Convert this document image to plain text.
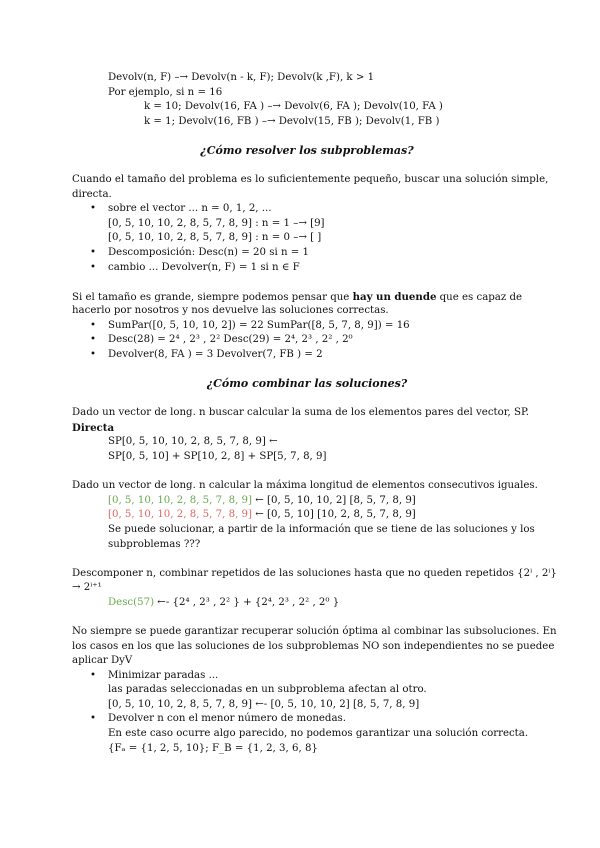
Devolv(n, F) –→ Devolv(n - k, F); Devolv(k ,F), k > 1
Por ejemplo, si n = 16
k = 10; Devolv(16, FA ) –→ Devolv(6, FA ); Devolv(10, FA )
k = 1; Devolv(16, FB ) –→ Devolv(15, FB ); Devolv(1, FB )
¿Cómo resolver los subproblemas?
Cuando el tamaño del problema es lo suficientemente pequeño, buscar una solución simple,
directa.
• sobre el vector ... n = 0, 1, 2, ...
[0, 5, 10, 10, 2, 8, 5, 7, 8, 9] : n = 1 –→ [9]
[0, 5, 10, 10, 2, 8, 5, 7, 8, 9] : n = 0 –→ [ ]
• Descomposición: Desc(n) = 20 si n = 1
• cambio ... Devolver(n, F) = 1 si n ∈ F
Si el tamaño es grande, siempre podemos pensar que hay un duende que es capaz de
hacerlo por nosotros y nos devuelve las soluciones correctas.
• SumPar([0, 5, 10, 10, 2]) = 22 SumPar([8, 5, 7, 8, 9]) = 16
• Desc(28) = 2⁴ , 2³ , 2² Desc(29) = 2⁴, 2³ , 2² , 2⁰
• Devolver(8, FA ) = 3 Devolver(7, FB ) = 2
¿Cómo combinar las soluciones?
Dado un vector de long. n buscar calcular la suma de los elementos pares del vector, SP.
Directa
SP[0, 5, 10, 10, 2, 8, 5, 7, 8, 9] ←
SP[0, 5, 10] + SP[10, 2, 8] + SP[5, 7, 8, 9]
Dado un vector de long. n calcular la máxima longitud de elementos consecutivos iguales.
[0, 5, 10, 10, 2, 8, 5, 7, 8, 9] ← [0, 5, 10, 10, 2] [8, 5, 7, 8, 9]
[0, 5, 10, 10, 2, 8, 5, 7, 8, 9] ← [0, 5, 10] [10, 2, 8, 5, 7, 8, 9]
Se puede solucionar, a partir de la información que se tiene de las soluciones y los
subproblemas ???
Descomponer n, combinar repetidos de las soluciones hasta que no queden repetidos {2ⁱ , 2ⁱ}
→ 2ⁱ⁺¹
Desc(57) ←- {2⁴ , 2³ , 2² } + {2⁴, 2³ , 2² , 2⁰ }
No siempre se puede garantizar recuperar solución óptima al combinar las subsoluciones. En
los casos en los que las soluciones de los subproblemas NO son independientes no se puedee
aplicar DyV
• Minimizar paradas ...
las paradas seleccionadas en un subproblema afectan al otro.
[0, 5, 10, 10, 2, 8, 5, 7, 8, 9] ←- [0, 5, 10, 10, 2] [8, 5, 7, 8, 9]
• Devolver n con el menor número de monedas.
En este caso ocurre algo parecido, no podemos garantizar una solución correcta.
{Fₐ = {1, 2, 5, 10}; F_B = {1, 2, 3, 6, 8}
